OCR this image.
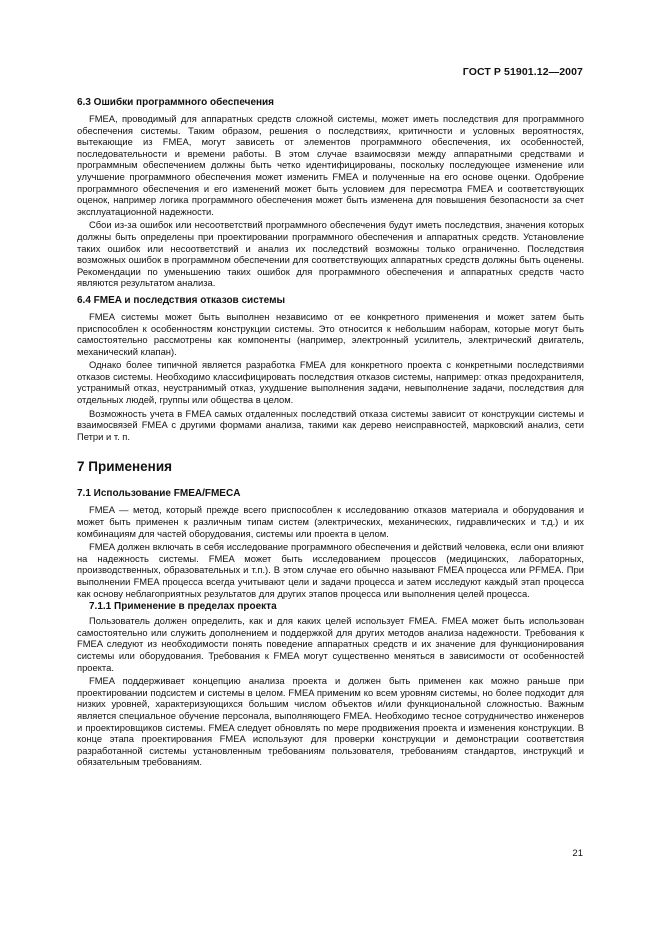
ГОСТ Р 51901.12—2007
6.3 Ошибки программного обеспечения

FMEA, проводимый для аппаратных средств сложной системы, может иметь последствия для программного обеспечения системы. Таким образом, решения о последствиях, критичности и условных вероятностях, вытекающие из FMEA, могут зависеть от элементов программного обеспечения, их особенностей, последовательности и времени работы. В этом случае взаимосвязи между аппаратными средствами и программным обеспечением должны быть четко идентифицированы, поскольку последующее изменение или улучшение программного обеспечения может изменить FMEA и полученные на его основе оценки. Одобрение программного обеспечения и его изменений может быть условием для пересмотра FMEA и соответствующих оценок, например логика программного обеспечения может быть изменена для повышения безопасности за счет эксплуатационной надежности.

Сбои из-за ошибок или несоответствий программного обеспечения будут иметь последствия, значения которых должны быть определены при проектировании программного обеспечения и аппаратных средств. Установление таких ошибок или несоответствий и анализ их последствий возможны только ограниченно. Последствия возможных ошибок в программном обеспечении для соответствующих аппаратных средств должны быть оценены. Рекомендации по уменьшению таких ошибок для программного обеспечения и аппаратных средств часто являются результатом анализа.

6.4 FMEA и последствия отказов системы

FMEA системы может быть выполнен независимо от ее конкретного применения и может затем быть приспособлен к особенностям конструкции системы. Это относится к небольшим наборам, которые могут быть самостоятельно рассмотрены как компоненты (например, электронный усилитель, электрический двигатель, механический клапан).

Однако более типичной является разработка FMEA для конкретного проекта с конкретными последствиями отказов системы. Необходимо классифицировать последствия отказов системы, например: отказ предохранителя, устранимый отказ, неустранимый отказ, ухудшение выполнения задачи, невыполнение задачи, последствия для отдельных людей, группы или общества в целом.

Возможность учета в FMEA самых отдаленных последствий отказа системы зависит от конструкции системы и взаимосвязей FMEA с другими формами анализа, такими как дерево неисправностей, марковский анализ, сети Петри и т. п.

7 Применения
7.1 Использование FMEA/FMECA

FMEA — метод, который прежде всего приспособлен к исследованию отказов материала и оборудования и может быть применен к различным типам систем (электрических, механических, гидравлических и т.д.) и их комбинациям для частей оборудования, системы или проекта в целом.

FMEA должен включать в себя исследование программного обеспечения и действий человека, если они влияют на надежность системы. FMEA может быть исследованием процессов (медицинских, лабораторных, производственных, образовательных и т.п.). В этом случае его обычно называют FMEA процесса или PFMEA. При выполнении FMEA процесса всегда учитывают цели и задачи процесса и затем исследуют каждый этап процесса как основу неблагоприятных результатов для других этапов процесса или выполнения целей процесса.

7.1.1 Применение в пределах проекта

Пользователь должен определить, как и для каких целей использует FMEA. FMEA может быть использован самостоятельно или служить дополнением и поддержкой для других методов анализа надежности. Требования к FMEA следуют из необходимости понять поведение аппаратных средств и их значение для функционирования системы или оборудования. Требования к FMEA могут существенно меняться в зависимости от особенностей проекта.

FMEA поддерживает концепцию анализа проекта и должен быть применен как можно раньше при проектировании подсистем и системы в целом. FMEA применим ко всем уровням системы, но более подходит для низких уровней, характеризующихся большим числом объектов и/или функциональной сложностью. Важным является специальное обучение персонала, выполняющего FMEA. Необходимо тесное сотрудничество инженеров и проектировщиков системы. FMEA следует обновлять по мере продвижения проекта и изменения конструкции. В конце этапа проектирования FMEA используют для проверки конструкции и демонстрации соответствия разработанной системы установленным требованиям пользователя, требованиям стандартов, инструкций и обязательным требованиям.

21
